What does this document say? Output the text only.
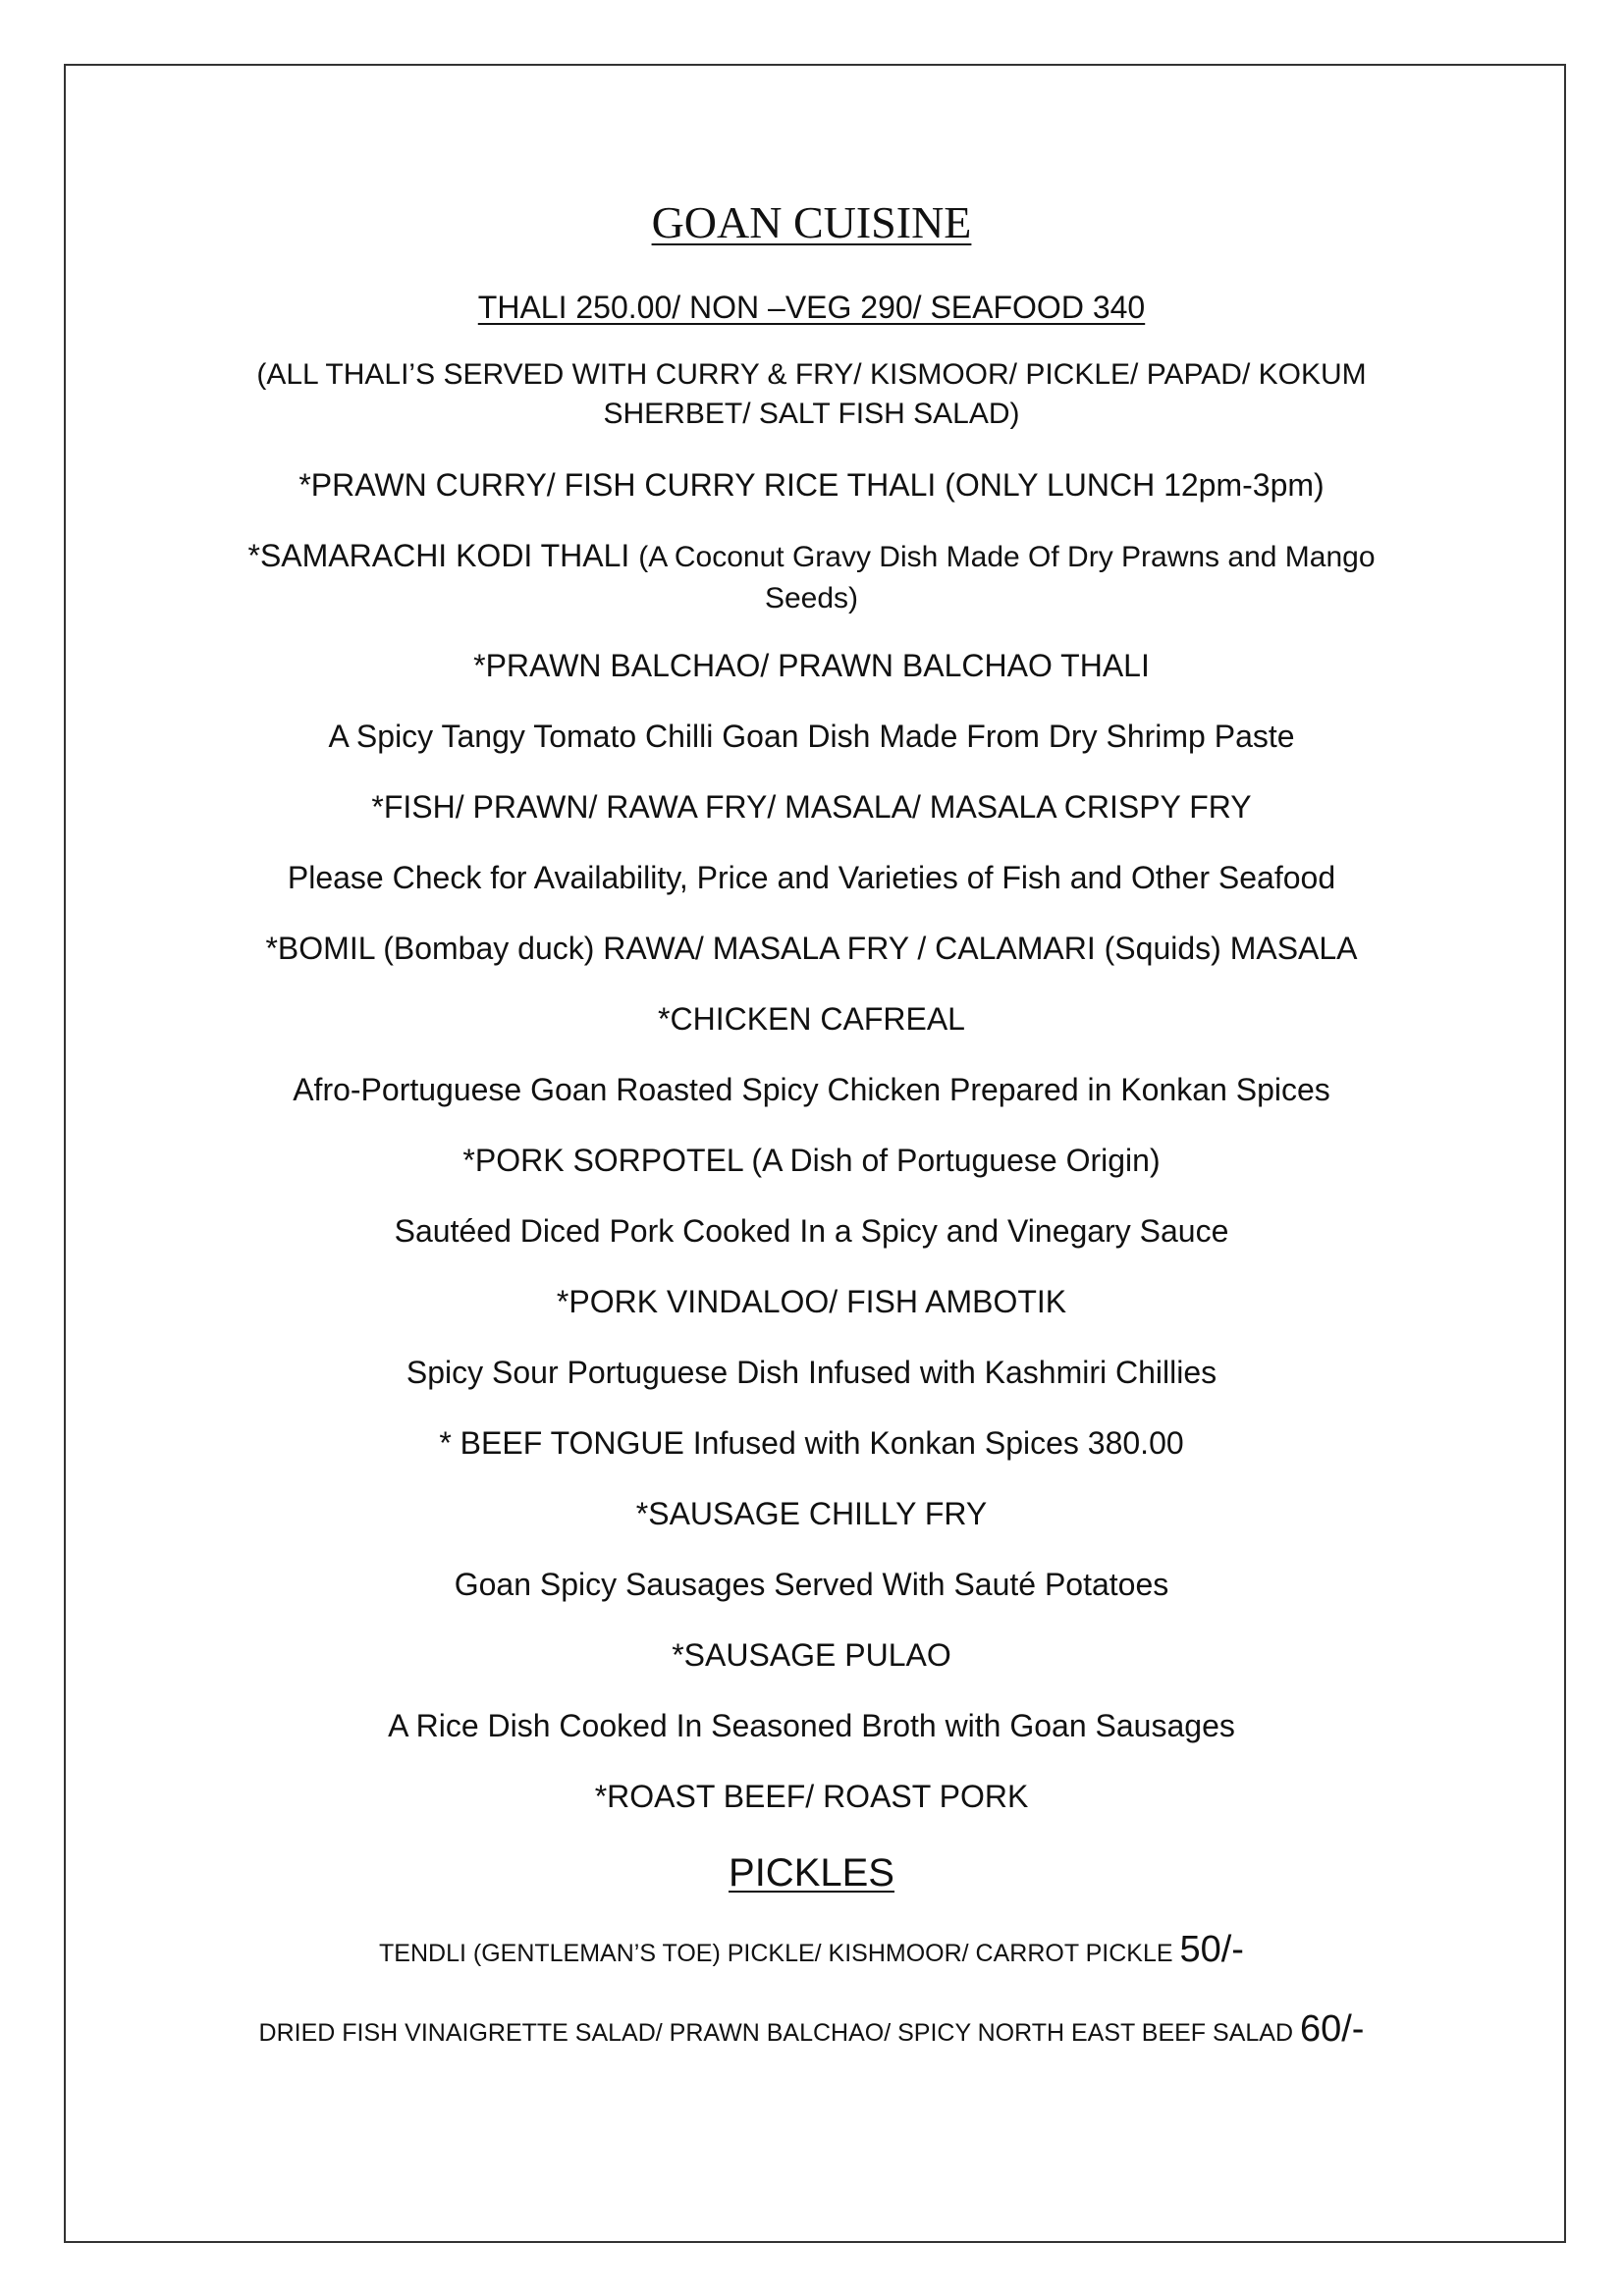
GOAN CUISINE
THALI 250.00/ NON –VEG 290/ SEAFOOD 340
(ALL THALI’S SERVED WITH CURRY & FRY/ KISMOOR/ PICKLE/ PAPAD/ KOKUM SHERBET/ SALT FISH SALAD)
*PRAWN CURRY/ FISH CURRY RICE THALI (ONLY LUNCH 12pm-3pm)
*SAMARACHI KODI THALI (A Coconut Gravy Dish Made Of Dry Prawns and Mango Seeds)
*PRAWN BALCHAO/ PRAWN BALCHAO THALI
A Spicy Tangy Tomato Chilli Goan Dish Made From Dry Shrimp Paste
*FISH/ PRAWN/ RAWA FRY/ MASALA/ MASALA CRISPY FRY
Please Check for Availability, Price and Varieties of Fish and Other Seafood
*BOMIL (Bombay duck) RAWA/ MASALA FRY / CALAMARI (Squids) MASALA
*CHICKEN CAFREAL
Afro-Portuguese Goan Roasted Spicy Chicken Prepared in Konkan Spices
*PORK SORPOTEL (A Dish of Portuguese Origin)
Sautéed Diced Pork Cooked In a Spicy and Vinegary Sauce
*PORK VINDALOO/ FISH AMBOTIK
Spicy Sour Portuguese Dish Infused with Kashmiri Chillies
* BEEF TONGUE Infused with Konkan Spices 380.00
*SAUSAGE CHILLY FRY
Goan Spicy Sausages Served With Sauté Potatoes
*SAUSAGE PULAO
A Rice Dish Cooked In Seasoned Broth with Goan Sausages
*ROAST BEEF/ ROAST PORK
PICKLES
TENDLI (GENTLEMAN’S TOE) PICKLE/ KISHMOOR/ CARROT PICKLE 50/-
DRIED FISH VINAIGRETTE SALAD/ PRAWN BALCHAO/ SPICY NORTH EAST BEEF SALAD 60/-
